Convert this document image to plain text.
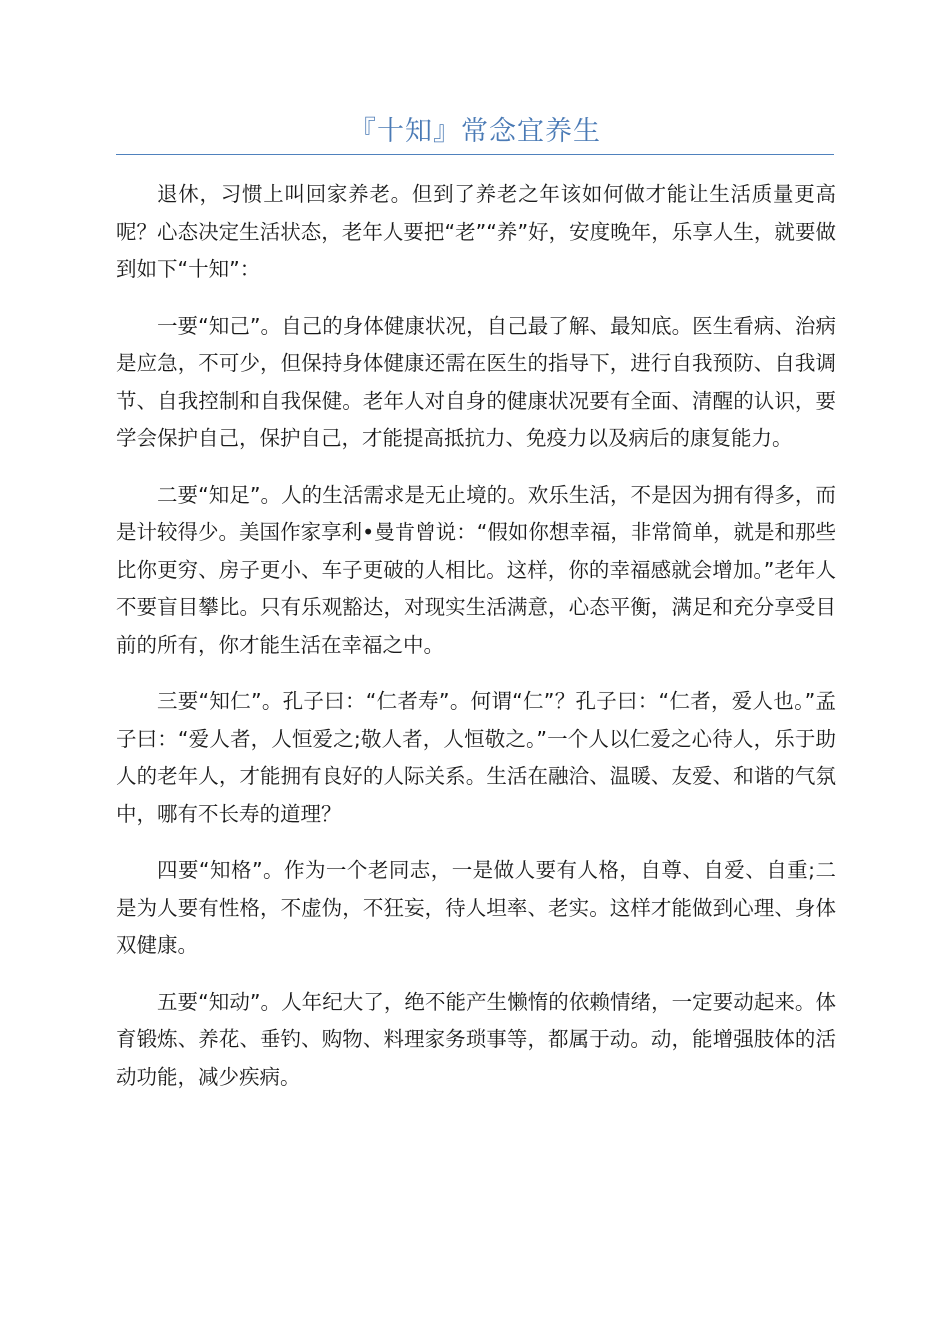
『十知』常念宜养生

退休，习惯上叫回家养老。但到了养老之年该如何做才能让生活质量更高呢？心态决定生活状态，老年人要把“老”“养”好，安度晚年，乐享人生，就要做到如下“十知”：

一要“知己”。自己的身体健康状况，自己最了解、最知底。医生看病、治病是应急，不可少，但保持身体健康还需在医生的指导下，进行自我预防、自我调节、自我控制和自我保健。老年人对自身的健康状况要有全面、清醒的认识，要学会保护自己，保护自己，才能提高抵抗力、免疫力以及病后的康复能力。

二要“知足”。人的生活需求是无止境的。欢乐生活，不是因为拥有得多，而是计较得少。美国作家享利•曼肯曾说：“假如你想幸福，非常简单，就是和那些比你更穷、房子更小、车子更破的人相比。这样，你的幸福感就会增加。”老年人不要盲目攀比。只有乐观豁达，对现实生活满意，心态平衡，满足和充分享受目前的所有，你才能生活在幸福之中。

三要“知仁”。孔子曰：“仁者寿”。何谓“仁”？孔子曰：“仁者，爱人也。”孟子曰：“爱人者，人恒爱之;敬人者，人恒敬之。”一个人以仁爱之心待人，乐于助人的老年人，才能拥有良好的人际关系。生活在融洽、温暖、友爱、和谐的气氛中，哪有不长寿的道理？

四要“知格”。作为一个老同志，一是做人要有人格，自尊、自爱、自重;二是为人要有性格，不虚伪，不狂妄，待人坦率、老实。这样才能做到心理、身体双健康。

五要“知动”。人年纪大了，绝不能产生懒惰的依赖情绪，一定要动起来。体育锻炼、养花、垂钓、购物、料理家务琐事等，都属于动。动，能增强肢体的活动功能，减少疾病。
